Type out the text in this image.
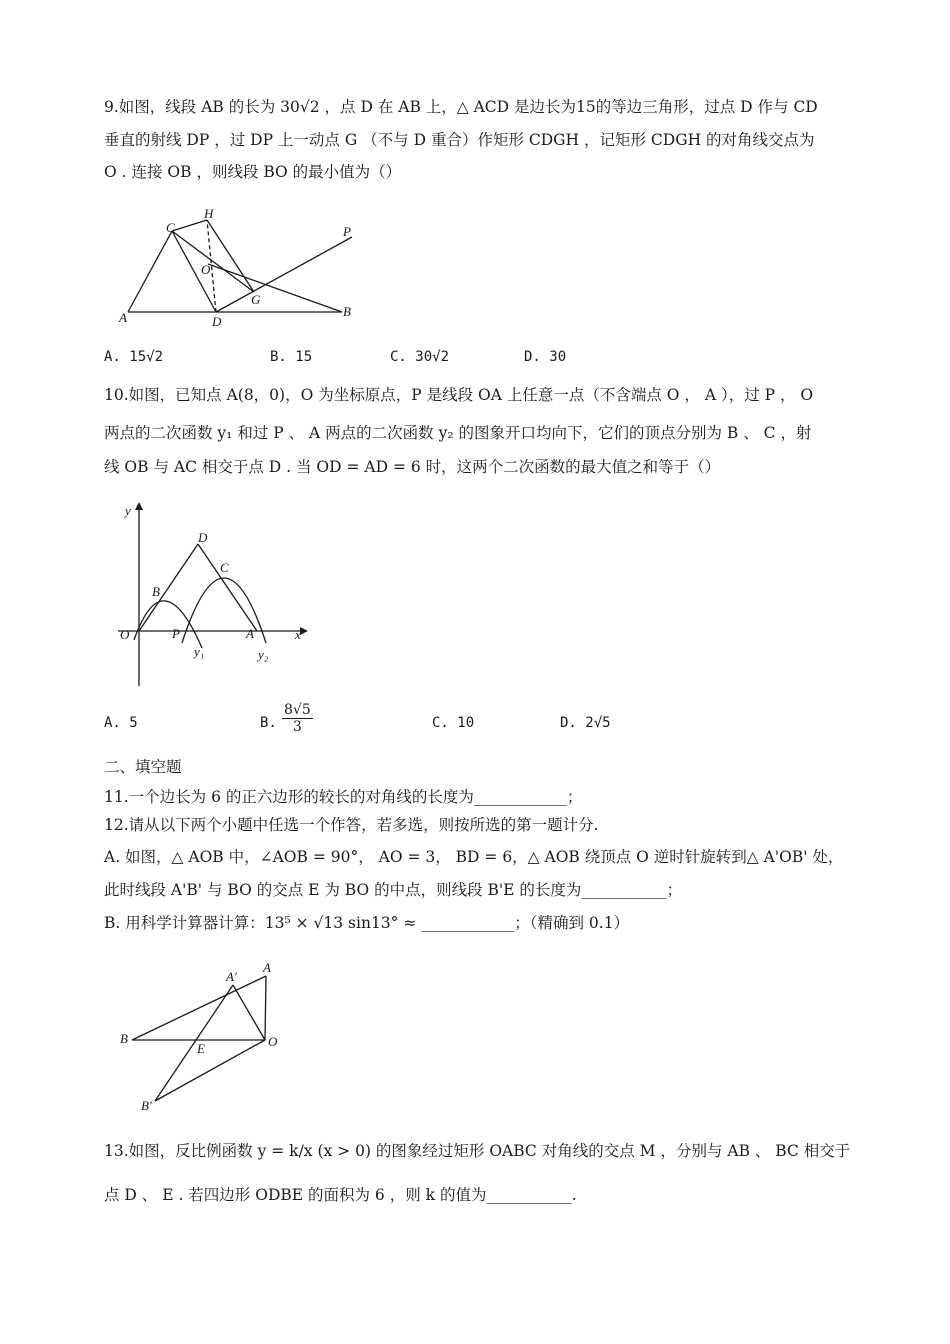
9.如图，线段 AB 的长为 30√2 ，点 D 在 AB 上，△ ACD 是边长为15的等边三角形，过点 D 作与 CD
垂直的射线 DP ，过 DP 上一动点 G （不与 D 重合）作矩形 CDGH ，记矩形 CDGH 的对角线交点为
O . 连接 OB ，则线段 BO 的最小值为（）
A	B
C
H
O
G
D
P
A. 15√2	B. 15	C. 30√2	D. 30
10.如图，已知点 A(8，0)，O 为坐标原点，P 是线段 OA 上任意一点（不含端点 O ， A ），过 P ， O
两点的二次函数 y₁ 和过 P 、 A 两点的二次函数 y₂ 的图象开口均向下，它们的顶点分别为 B 、 C ，射
线 OB 与 AC 相交于点 D . 当 OD = AD = 6 时，这两个二次函数的最大值之和等于（）
y
x
O
B
D
C
P	A
y₁	y₂
A. 5	B. $\frac{8√5}{3}$	C. 10	D. 2√5
二、填空题
11.一个边长为 6 的正六边形的较长的对角线的长度为____________；
12.请从以下两个小题中任选一个作答，若多选，则按所选的第一题计分.
A. 如图，△ AOB 中，∠AOB = 90°， AO = 3， BD = 6，△ AOB 绕顶点 O 逆时针旋转到△ A'OB' 处，
此时线段 A'B' 与 BO 的交点 E 为 BO 的中点，则线段 B'E 的长度为___________；
B. 用科学计算器计算：13⁵ × √13 sin13° ≈ ____________；（精确到 0.1）
A'
A
B
E	O
B'
13.如图，反比例函数 y = k/x (x > 0) 的图象经过矩形 OABC 对角线的交点 M ，分别与 AB 、 BC 相交于
点 D 、 E . 若四边形 ODBE 的面积为 6 ，则 k 的值为___________.
